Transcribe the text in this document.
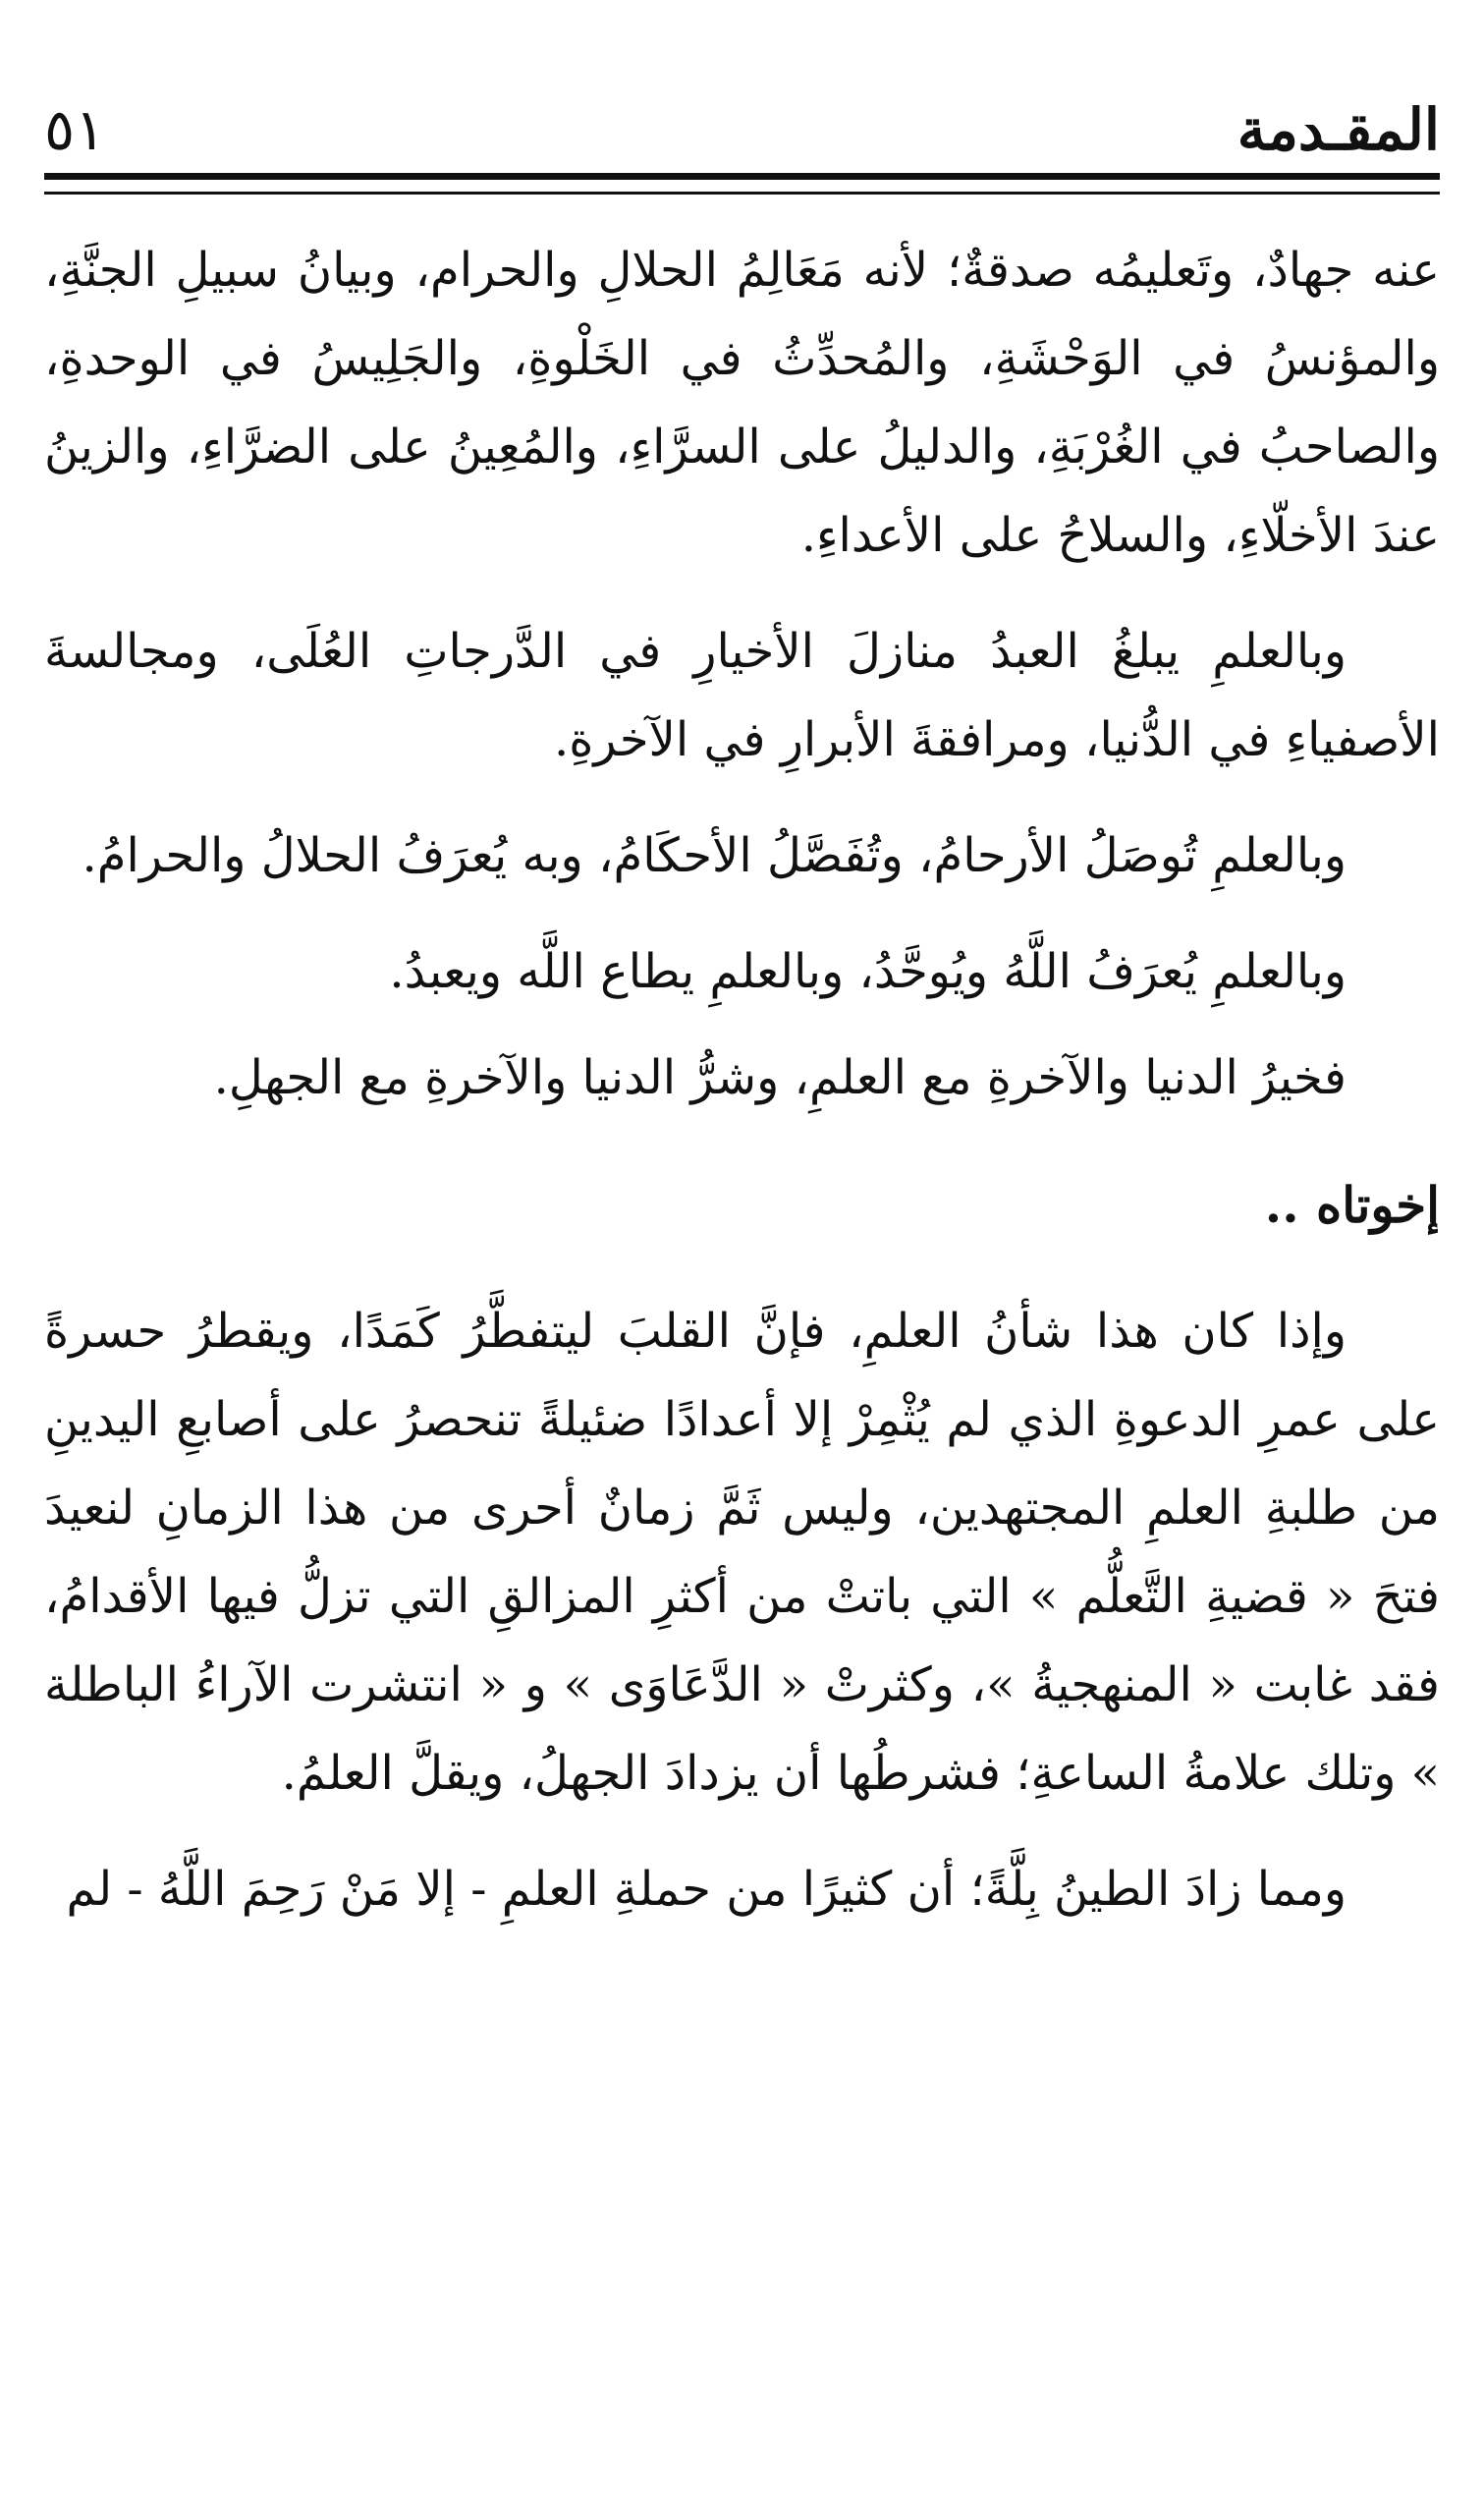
٥١	المقـدمة

عنه جهادٌ، وتَعليمُه صدقةٌ؛ لأنه مَعَالِمُ الحلالِ والحرام، وبيانُ سبيلِ الجنَّةِ، والمؤنسُ في الوَحْشَةِ، والمُحدِّثُ في الخَلْوةِ، والجَلِيسُ في الوحدةِ، والصاحبُ في الغُرْبَةِ، والدليلُ على السرَّاءِ، والمُعِينُ على الضرَّاءِ، والزينُ عندَ الأخلّاءِ، والسلاحُ على الأعداءِ.

وبالعلمِ يبلغُ العبدُ منازلَ الأخيارِ في الدَّرجاتِ العُلَى، ومجالسةَ الأصفياءِ في الدُّنيا، ومرافقةَ الأبرارِ في الآخرةِ.

وبالعلمِ تُوصَلُ الأرحامُ، وتُفَصَّلُ الأحكَامُ، وبه يُعرَفُ الحلالُ والحرامُ.

وبالعلمِ يُعرَفُ اللَّهُ ويُوحَّدُ، وبالعلمِ يطاع اللَّه ويعبدُ.

فخيرُ الدنيا والآخرةِ مع العلمِ، وشرُّ الدنيا والآخرةِ مع الجهلِ.

إخوتاه ..

وإذا كان هذا شأنُ العلمِ، فإنَّ القلبَ ليتفطَّرُ كَمَدًا، ويقطرُ حسرةً على عمرِ الدعوةِ الذي لم يُثْمِرْ إلا أعدادًا ضئيلةً تنحصرُ على أصابعِ اليدينِ من طلبةِ العلمِ المجتهدين، وليس ثَمَّ زمانٌ أحرى من هذا الزمانِ لنعيدَ فتحَ « قضيةِ التَّعلُّم » التي باتتْ من أكثرِ المزالقِ التي تزلُّ فيها الأقدامُ، فقد غابت « المنهجيةُ »، وكثرتْ « الدَّعَاوَى » و « انتشرت الآراءُ الباطلة » وتلك علامةُ الساعةِ؛ فشرطُها أن يزدادَ الجهلُ، ويقلَّ العلمُ.

ومما زادَ الطينُ بِلَّةً؛ أن كثيرًا من حملةِ العلمِ - إلا مَنْ رَحِمَ اللَّهُ - لم
